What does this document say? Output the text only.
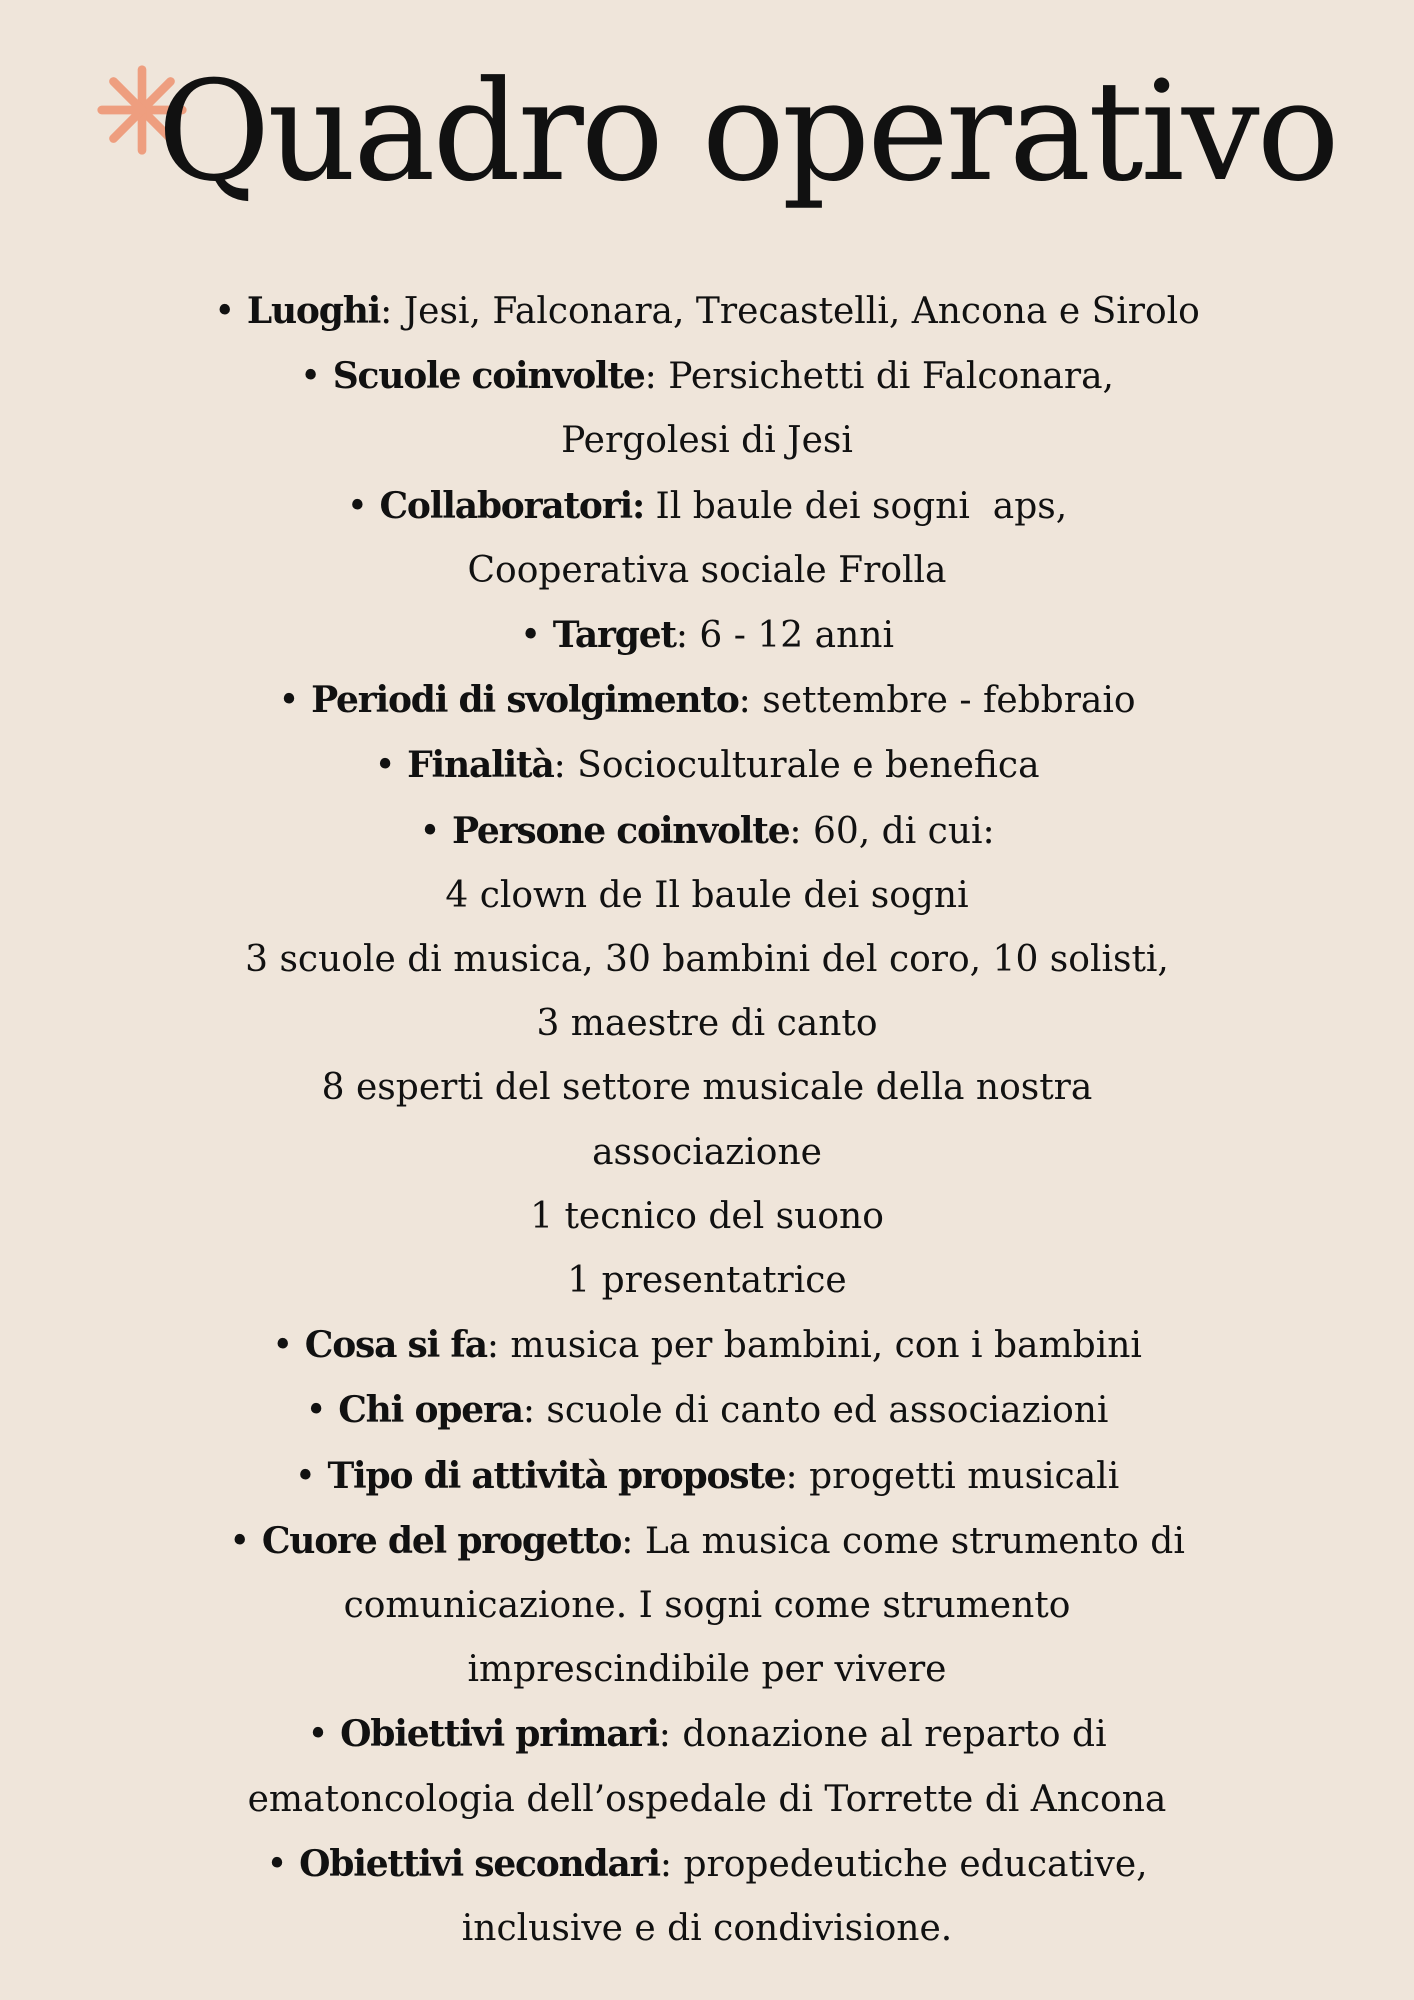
Quadro operativo
• Luoghi: Jesi, Falconara, Trecastelli, Ancona e Sirolo
• Scuole coinvolte: Persichetti di Falconara,
Pergolesi di Jesi
• Collaboratori: Il baule dei sogni  aps,
Cooperativa sociale Frolla
• Target: 6 - 12 anni
• Periodi di svolgimento: settembre - febbraio
• Finalità: Socioculturale e benefica
• Persone coinvolte: 60, di cui:
4 clown de Il baule dei sogni
3 scuole di musica, 30 bambini del coro, 10 solisti,
3 maestre di canto
8 esperti del settore musicale della nostra
associazione
1 tecnico del suono
1 presentatrice
• Cosa si fa: musica per bambini, con i bambini
• Chi opera: scuole di canto ed associazioni
• Tipo di attività proposte: progetti musicali
• Cuore del progetto: La musica come strumento di
comunicazione. I sogni come strumento
imprescindibile per vivere
• Obiettivi primari: donazione al reparto di
ematoncologia dell’ospedale di Torrette di Ancona
• Obiettivi secondari: propedeutiche educative,
inclusive e di condivisione.
